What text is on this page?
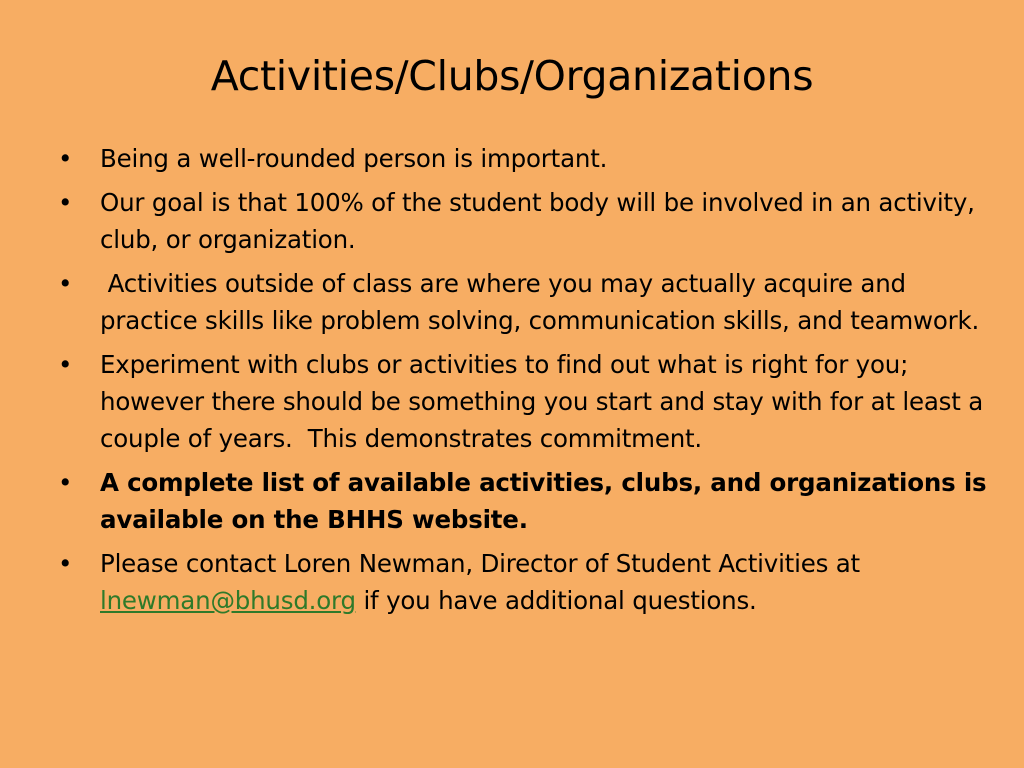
Activities/Clubs/Organizations
• Being a well-rounded person is important.
• Our goal is that 100% of the student body will be involved in an activity, club, or organization.
• Activities outside of class are where you may actually acquire and practice skills like problem solving, communication skills, and teamwork.
• Experiment with clubs or activities to find out what is right for you; however there should be something you start and stay with for at least a couple of years.  This demonstrates commitment.
• A complete list of available activities, clubs, and organizations is available on the BHHS website.
• Please contact Loren Newman, Director of Student Activities at lnewman@bhusd.org if you have additional questions.
